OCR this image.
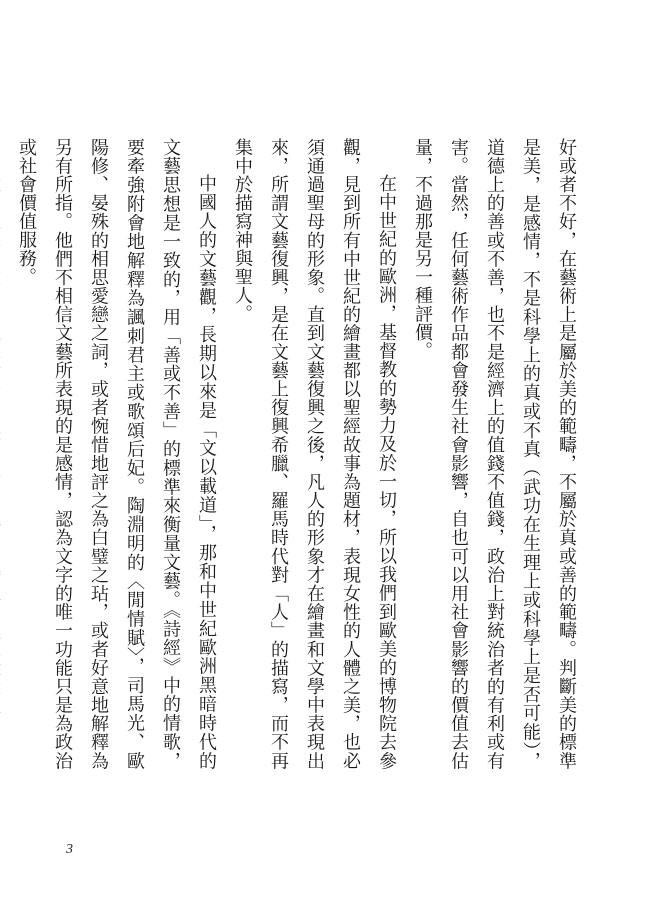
好或者不好，在藝術上是屬於美的範疇，不屬於真或善的範疇。判斷美的標準是美，是感情，不是科學上的真或不真（武功在生理上或科學上是否可能），道德上的善或不善，也不是經濟上的值錢不值錢，政治上對統治者的有利或有害。當然，任何藝術作品都會發生社會影響，自也可以用社會影響的價值去估量，不過那是另一種評價。

在中世紀的歐洲，基督教的勢力及於一切，所以我們到歐美的博物院去參觀，見到所有中世紀的繪畫都以聖經故事為題材，表現女性的人體之美，也必須通過聖母的形象。直到文藝復興之後，凡人的形象才在繪畫和文學中表現出來，所謂文藝復興，是在文藝上復興希臘、羅馬時代對「人」的描寫，而不再集中於描寫神與聖人。

中國人的文藝觀，長期以來是「文以載道」，那和中世紀歐洲黑暗時代的文藝思想是一致的，用「善或不善」的標準來衡量文藝。《詩經》中的情歌，要牽強附會地解釋為諷刺君主或歌頌后妃。陶淵明的〈閒情賦〉，司馬光、歐陽修、晏殊的相思愛戀之詞，或者惋惜地評之為白璧之玷，或者好意地解釋為另有所指。他們不相信文藝所表現的是感情，認為文字的唯一功能只是為政治或社會價值服務。

3
